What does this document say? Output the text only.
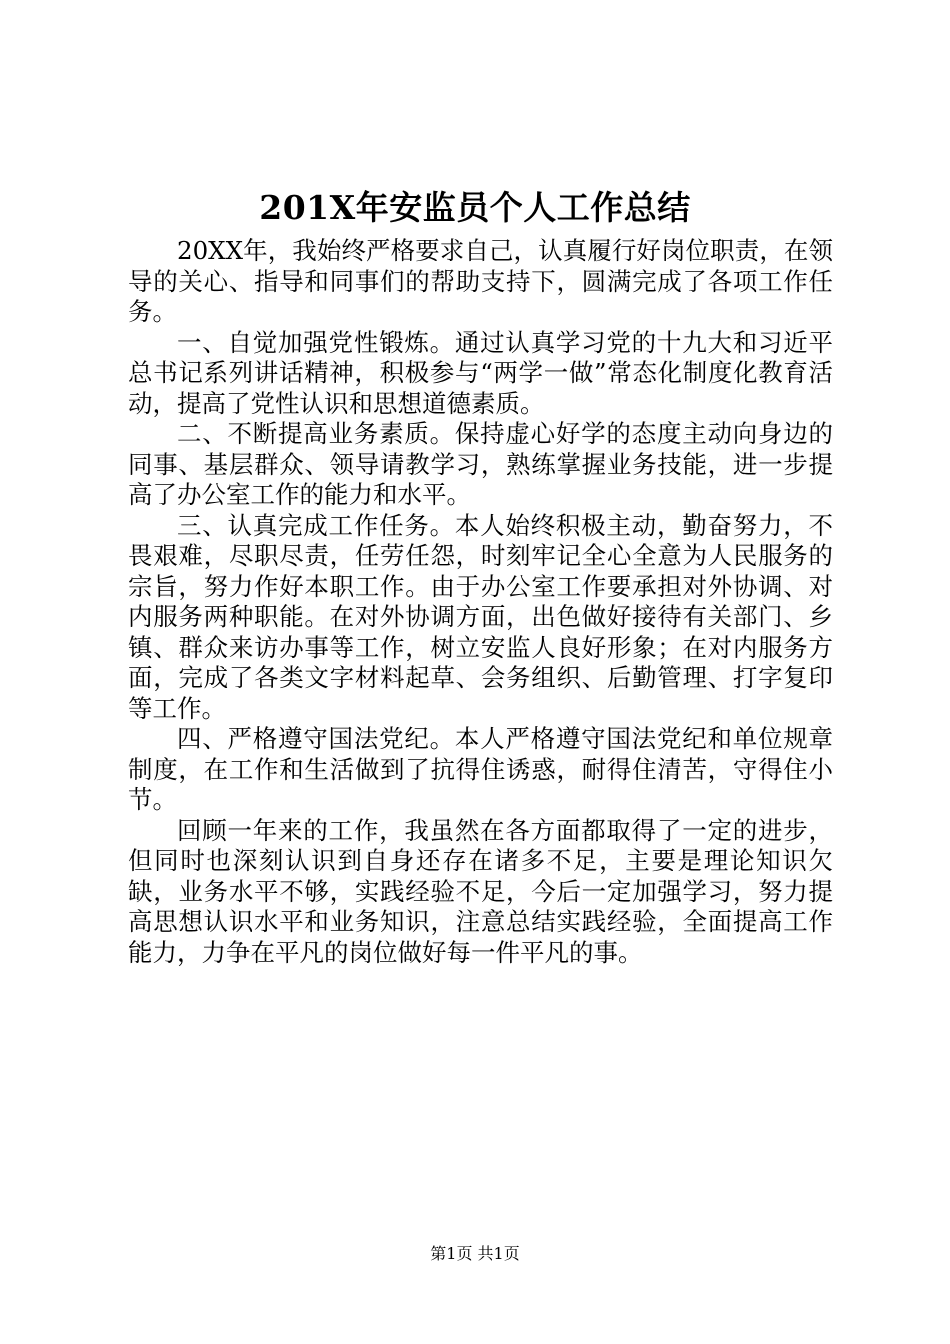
201X年安监员个人工作总结

20XX年，我始终严格要求自己，认真履行好岗位职责，在领导的关心、指导和同事们的帮助支持下，圆满完成了各项工作任务。

一、自觉加强党性锻炼。通过认真学习党的十九大和习近平总书记系列讲话精神，积极参与“两学一做”常态化制度化教育活动，提高了党性认识和思想道德素质。

二、不断提高业务素质。保持虚心好学的态度主动向身边的同事、基层群众、领导请教学习，熟练掌握业务技能，进一步提高了办公室工作的能力和水平。

三、认真完成工作任务。本人始终积极主动，勤奋努力，不畏艰难，尽职尽责，任劳任怨，时刻牢记全心全意为人民服务的宗旨，努力作好本职工作。由于办公室工作要承担对外协调、对内服务两种职能。在对外协调方面，出色做好接待有关部门、乡镇、群众来访办事等工作，树立安监人良好形象；在对内服务方面，完成了各类文字材料起草、会务组织、后勤管理、打字复印等工作。

四、严格遵守国法党纪。本人严格遵守国法党纪和单位规章制度，在工作和生活做到了抗得住诱惑，耐得住清苦，守得住小节。

回顾一年来的工作，我虽然在各方面都取得了一定的进步，但同时也深刻认识到自身还存在诸多不足，主要是理论知识欠缺，业务水平不够，实践经验不足，今后一定加强学习，努力提高思想认识水平和业务知识，注意总结实践经验，全面提高工作能力，力争在平凡的岗位做好每一件平凡的事。

第1页 共1页
